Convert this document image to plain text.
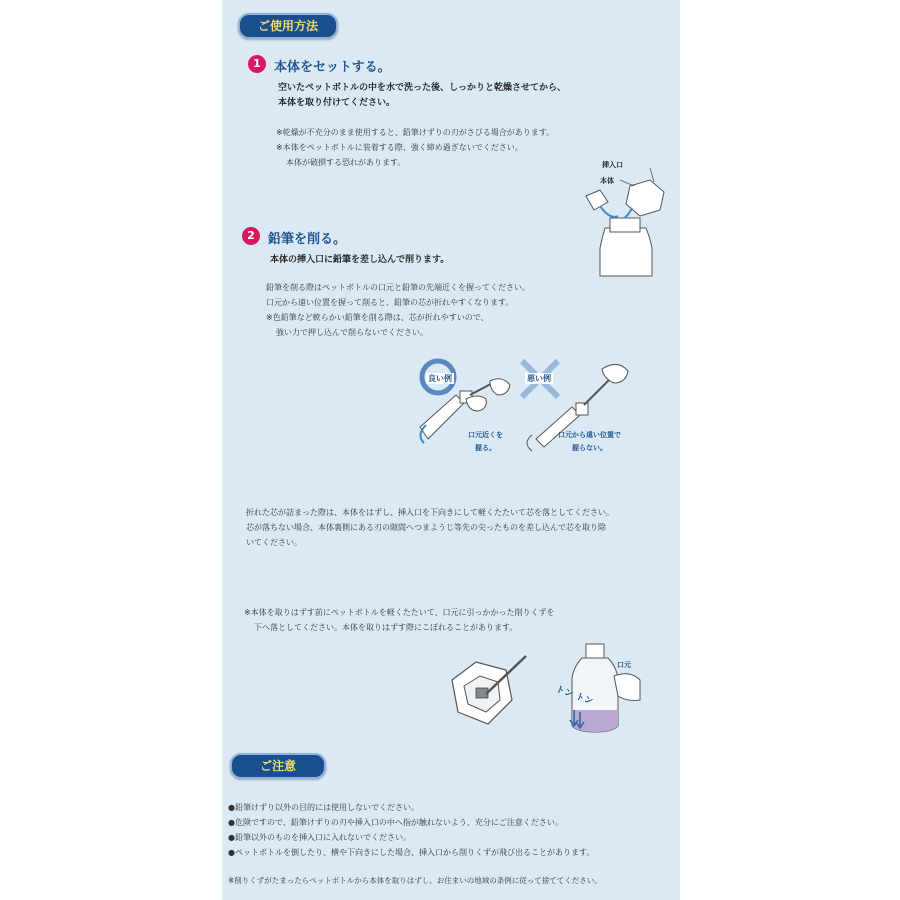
ご使用方法
1	本体をセットする。
空いたペットボトルの中を水で洗った後、しっかりと乾燥させてから、
本体を取り付けてください。
※乾燥が不充分のまま使用すると、鉛筆けずりの刃がさびる場合があります。
※本体をペットボトルに装着する際、強く締め過ぎないでください。
本体が破損する恐れがあります。	挿入口
本体
2	鉛筆を削る。
本体の挿入口に鉛筆を差し込んで削ります。
鉛筆を削る際はペットボトルの口元と鉛筆の先端近くを握ってください。
口元から遠い位置を握って削ると、鉛筆の芯が折れやすくなります。
※色鉛筆など軟らかい鉛筆を削る際は、芯が折れやすいので、
強い力で押し込んで削らないでください。
良い例
口元近くを
握る。
悪い例
口元から遠い位置で
握らない。
折れた芯が詰まった際は、本体をはずし、挿入口を下向きにして軽くたたいて芯を落としてください。
芯が落ちない場合、本体裏側にある刃の隙間へつまようじ等先の尖ったものを差し込んで芯を取り除
いてください。
※本体を取りはずす前にペットボトルを軽くたたいて、口元に引っかかった削りくずを
下へ落としてください。本体を取りはずす際にこぼれることがあります。
口元
トン トン
ご注意
●鉛筆けずり以外の目的には使用しないでください。
●危険ですので、鉛筆けずりの刃や挿入口の中へ指が触れないよう、充分にご注意ください。
●鉛筆以外のものを挿入口に入れないでください。
●ペットボトルを倒したり、横や下向きにした場合、挿入口から削りくずが飛び出ることがあります。
※削りくずがたまったらペットボトルから本体を取りはずし、お住まいの地域の条例に従って捨ててください。
